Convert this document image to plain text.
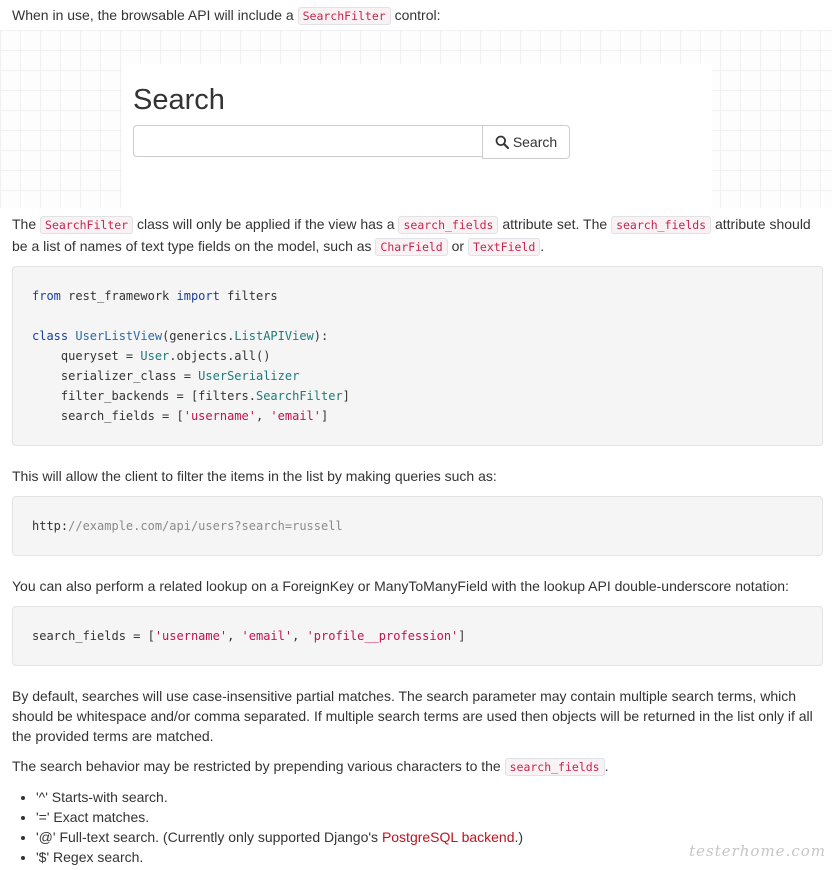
When in use, the browsable API will include a SearchFilter control:

Search
Search

The SearchFilter class will only be applied if the view has a search_fields attribute set. The search_fields attribute should be a list of names of text type fields on the model, such as CharField or TextField .

from rest_framework import filters

class UserListView(generics.ListAPIView):
queryset = User.objects.all()
serializer_class = UserSerializer
filter_backends = [filters.SearchFilter]
search_fields = ['username', 'email']

This will allow the client to filter the items in the list by making queries such as:

http://example.com/api/users?search=russell

You can also perform a related lookup on a ForeignKey or ManyToManyField with the lookup API double-underscore notation:

search_fields = ['username', 'email', 'profile__profession']

By default, searches will use case-insensitive partial matches. The search parameter may contain multiple search terms, which should be whitespace and/or comma separated. If multiple search terms are used then objects will be returned in the list only if all the provided terms are matched.

The search behavior may be restricted by prepending various characters to the search_fields .

• '^' Starts-with search.
• '=' Exact matches.
• '@' Full-text search. (Currently only supported Django's PostgreSQL backend.)
• '$' Regex search.	testerhome.com
